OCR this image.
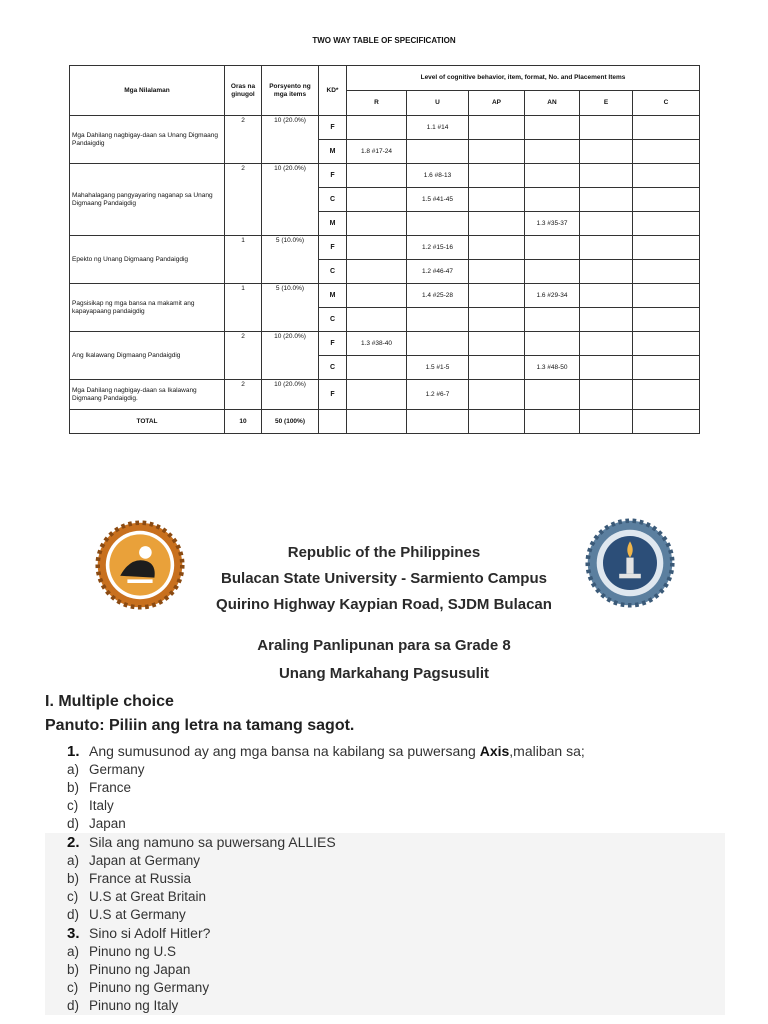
TWO WAY TABLE OF SPECIFICATION
Mga Nilalaman	Oras na ginugol	Porsyento ng mga items	KD*	Level of cognitive behavior, item, format, No. and Placement Items					
				R	U	AP	AN	E	C
Mga Dahilang nagbigay-daan sa Unang Digmaang Pandaigdig	2	10 (20.0%)	F		1.1 #14				
			M	1.8 #17-24					
Mahahalagang pangyayaring naganap sa Unang Digmaang Pandaigdig	2	10 (20.0%)	F		1.6 #8-13				
			C		1.5 #41-45				
			M				1.3 #35-37		
Epekto ng Unang Digmaang Pandaigdig	1	5 (10.0%)	F		1.2 #15-16				
			C		1.2 #46-47				
Pagsisikap ng mga bansa na makamit ang kapayapaang pandaigdig	1	5 (10.0%)	M		1.4 #25-28		1.6 #29-34		
			C						
Ang Ikalawang Digmaang Pandaigdig	2	10 (20.0%)	F	1.3 #38-40					
			C		1.5 #1-5		1.3 #48-50		
Mga Dahilang nagbigay-daan sa Ikalawang Digmaang Pandaigdig.	2	10 (20.0%)	F		1.2 #6-7				
TOTAL	10	50 (100%)							
Republic of the Philippines
Bulacan State University - Sarmiento Campus
Quirino Highway Kaypian Road, SJDM Bulacan
Araling Panlipunan para sa Grade 8
Unang Markahang Pagsusulit

I. Multiple choice

Panuto: Piliin ang letra na tamang sagot.

1. Ang sumusunod ay ang mga bansa na kabilang sa puwersang Axis,maliban sa;
a) Germany
b) France
c) Italy
d) Japan
2. Sila ang namuno sa puwersang ALLIES
a) Japan at Germany
b) France at Russia
c) U.S at Great Britain
d) U.S at Germany
3. Sino si Adolf Hitler?
a) Pinuno ng U.S
b) Pinuno ng Japan
c) Pinuno ng Germany
d) Pinuno ng Italy
